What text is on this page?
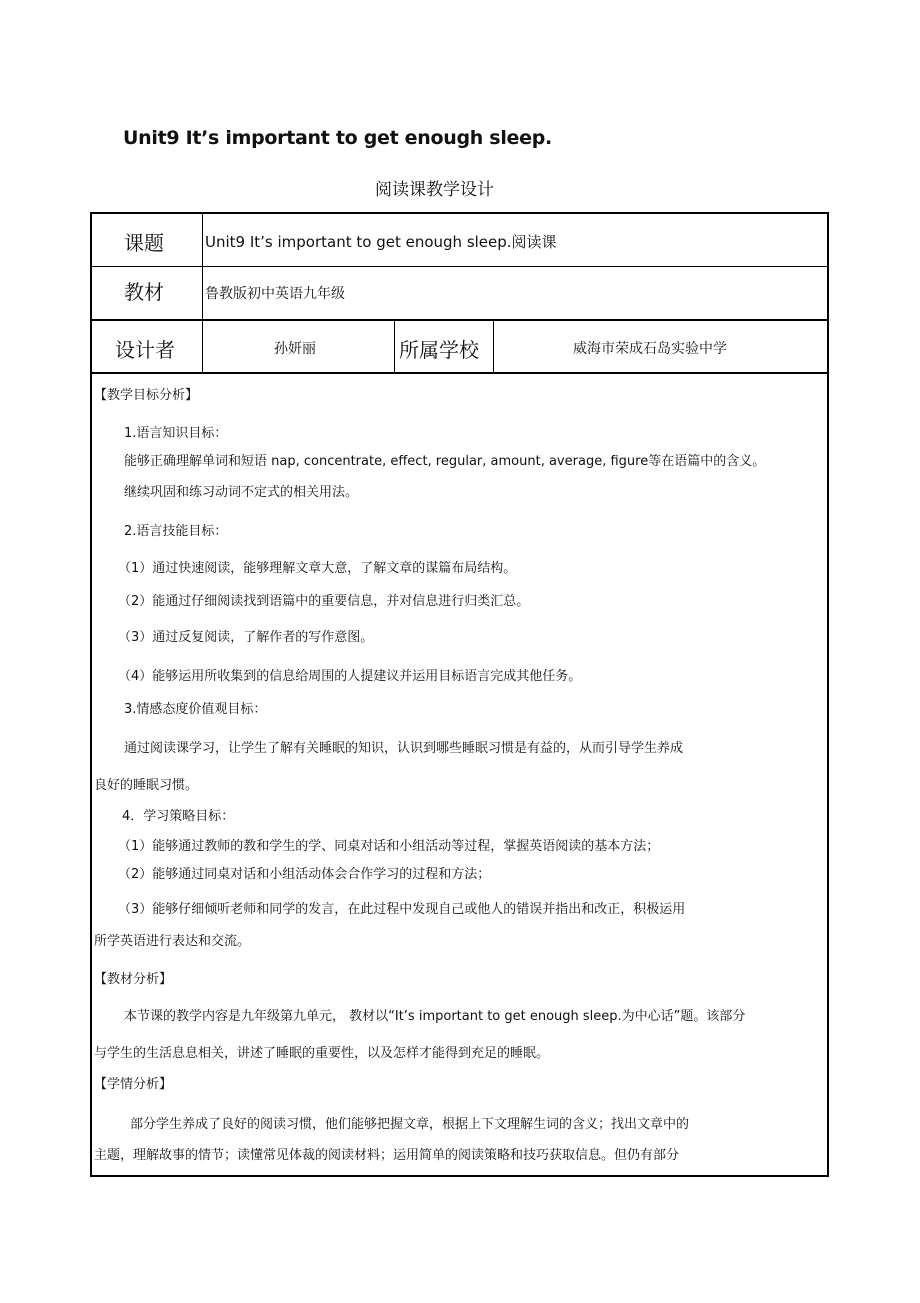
Unit9 It’s important to get enough sleep.
阅读课教学设计
课题	Unit9 It’s important to get enough sleep.阅读课
教材	鲁教版初中英语九年级
设计者	孙妍丽	所属学校	威海市荣成石岛实验中学
【教学目标分析】
1.语言知识目标：
能够正确理解单词和短语 nap, concentrate, effect, regular, amount, average, figure等在语篇中的含义。
继续巩固和练习动词不定式的相关用法。
2.语言技能目标：
（1）通过快速阅读，能够理解文章大意，了解文章的谋篇布局结构。
（2）能通过仔细阅读找到语篇中的重要信息，并对信息进行归类汇总。
（3）通过反复阅读，了解作者的写作意图。
（4）能够运用所收集到的信息给周围的人提建议并运用目标语言完成其他任务。
3.情感态度价值观目标：
通过阅读课学习，让学生了解有关睡眠的知识，认识到哪些睡眠习惯是有益的，从而引导学生养成
良好的睡眠习惯。
4．学习策略目标：
（1）能够通过教师的教和学生的学、同桌对话和小组活动等过程，掌握英语阅读的基本方法；
（2）能够通过同桌对话和小组活动体会合作学习的过程和方法；
（3）能够仔细倾听老师和同学的发言，在此过程中发现自己或他人的错误并指出和改正，积极运用
所学英语进行表达和交流。
【教材分析】
本节课的教学内容是九年级第九单元， 教材以“It’s important to get enough sleep.为中心话”题。该部分
与学生的生活息息相关，讲述了睡眠的重要性，以及怎样才能得到充足的睡眠。
【学情分析】
部分学生养成了良好的阅读习惯，他们能够把握文章，根据上下文理解生词的含义；找出文章中的
主题，理解故事的情节；读懂常见体裁的阅读材料；运用简单的阅读策略和技巧获取信息。但仍有部分
